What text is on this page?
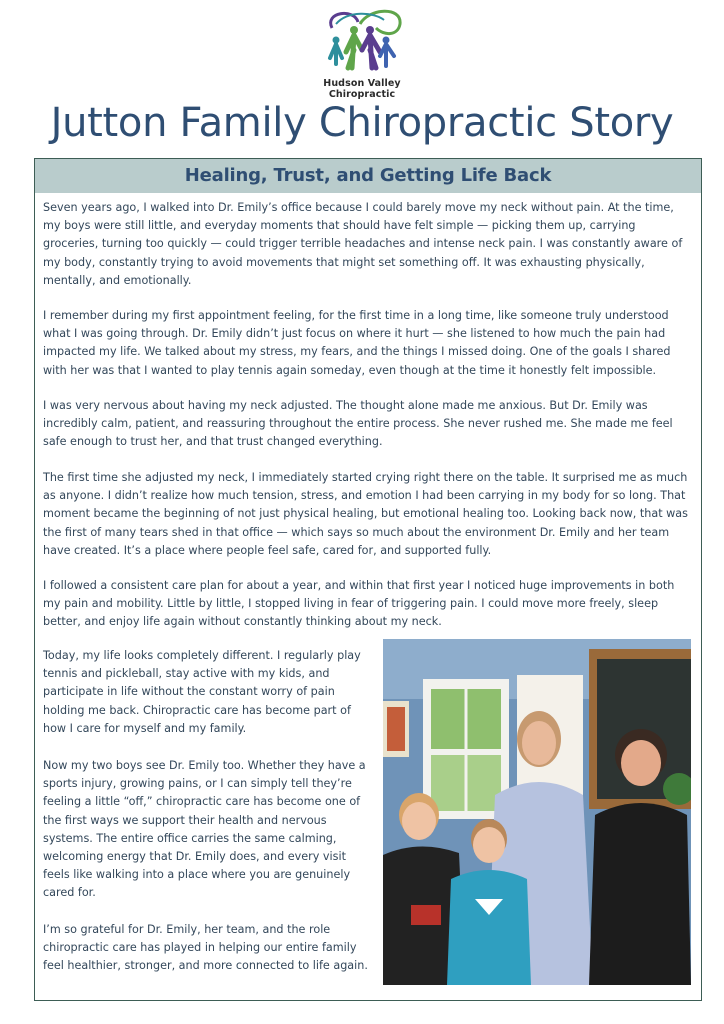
Hudson Valley Chiropractic
Jutton Family Chiropractic Story
Healing, Trust, and Getting Life Back

Seven years ago, I walked into Dr. Emily’s office because I could barely move my neck without pain. At the time, my boys were still little, and everyday moments that should have felt simple — picking them up, carrying groceries, turning too quickly — could trigger terrible headaches and intense neck pain. I was constantly aware of my body, constantly trying to avoid movements that might set something off. It was exhausting physically, mentally, and emotionally.

I remember during my first appointment feeling, for the first time in a long time, like someone truly understood what I was going through. Dr. Emily didn’t just focus on where it hurt — she listened to how much the pain had impacted my life. We talked about my stress, my fears, and the things I missed doing. One of the goals I shared with her was that I wanted to play tennis again someday, even though at the time it honestly felt impossible.

I was very nervous about having my neck adjusted. The thought alone made me anxious. But Dr. Emily was incredibly calm, patient, and reassuring throughout the entire process. She never rushed me. She made me feel safe enough to trust her, and that trust changed everything.

The first time she adjusted my neck, I immediately started crying right there on the table. It surprised me as much as anyone. I didn’t realize how much tension, stress, and emotion I had been carrying in my body for so long. That moment became the beginning of not just physical healing, but emotional healing too. Looking back now, that was the first of many tears shed in that office — which says so much about the environment Dr. Emily and her team have created. It’s a place where people feel safe, cared for, and supported fully.

I followed a consistent care plan for about a year, and within that first year I noticed huge improvements in both my pain and mobility. Little by little, I stopped living in fear of triggering pain. I could move more freely, sleep better, and enjoy life again without constantly thinking about my neck.

Today, my life looks completely different. I regularly play tennis and pickleball, stay active with my kids, and participate in life without the constant worry of pain holding me back. Chiropractic care has become part of how I care for myself and my family.

Now my two boys see Dr. Emily too. Whether they have a sports injury, growing pains, or I can simply tell they’re feeling a little “off,” chiropractic care has become one of the first ways we support their health and nervous systems. The entire office carries the same calming, welcoming energy that Dr. Emily does, and every visit feels like walking into a place where you are genuinely cared for.

I’m so grateful for Dr. Emily, her team, and the role chiropractic care has played in helping our entire family feel healthier, stronger, and more connected to life again.
